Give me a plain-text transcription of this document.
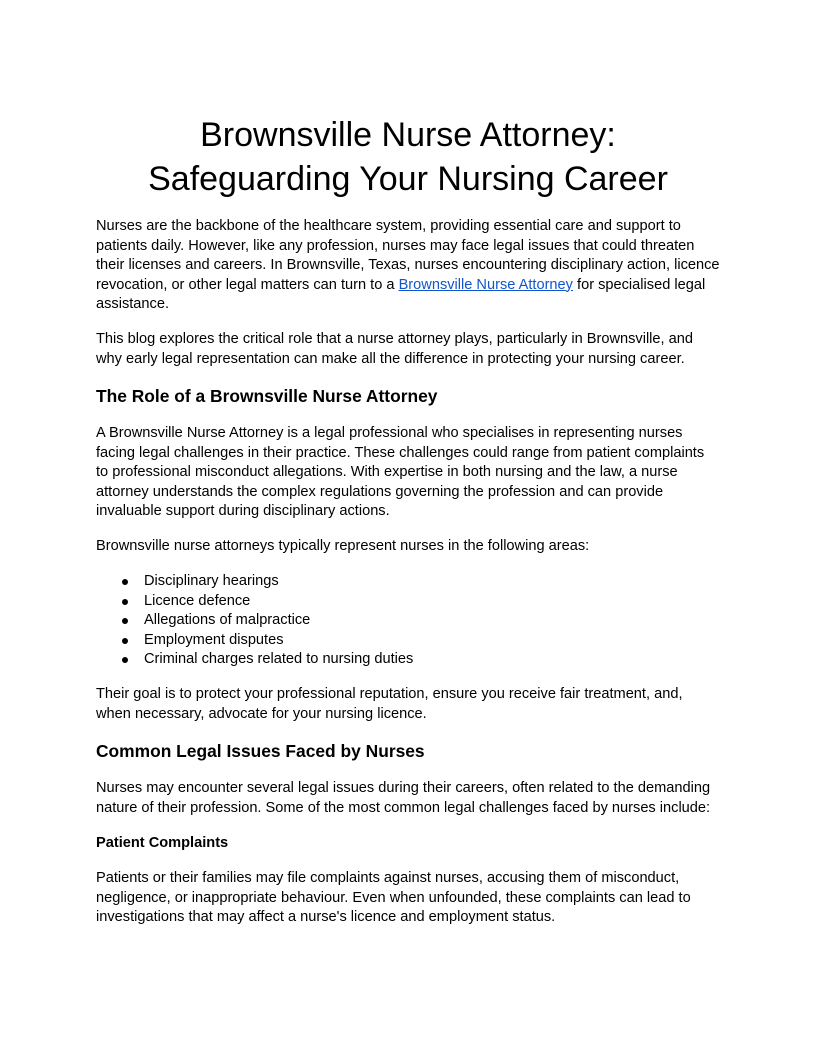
Brownsville Nurse Attorney: Safeguarding Your Nursing Career

Nurses are the backbone of the healthcare system, providing essential care and support to patients daily. However, like any profession, nurses may face legal issues that could threaten their licenses and careers. In Brownsville, Texas, nurses encountering disciplinary action, licence revocation, or other legal matters can turn to a Brownsville Nurse Attorney for specialised legal assistance.

This blog explores the critical role that a nurse attorney plays, particularly in Brownsville, and why early legal representation can make all the difference in protecting your nursing career.

The Role of a Brownsville Nurse Attorney

A Brownsville Nurse Attorney is a legal professional who specialises in representing nurses facing legal challenges in their practice. These challenges could range from patient complaints to professional misconduct allegations. With expertise in both nursing and the law, a nurse attorney understands the complex regulations governing the profession and can provide invaluable support during disciplinary actions.

Brownsville nurse attorneys typically represent nurses in the following areas:

Disciplinary hearings
Licence defence
Allegations of malpractice
Employment disputes
Criminal charges related to nursing duties

Their goal is to protect your professional reputation, ensure you receive fair treatment, and, when necessary, advocate for your nursing licence.

Common Legal Issues Faced by Nurses

Nurses may encounter several legal issues during their careers, often related to the demanding nature of their profession. Some of the most common legal challenges faced by nurses include:

Patient Complaints

Patients or their families may file complaints against nurses, accusing them of misconduct, negligence, or inappropriate behaviour. Even when unfounded, these complaints can lead to investigations that may affect a nurse's licence and employment status.
